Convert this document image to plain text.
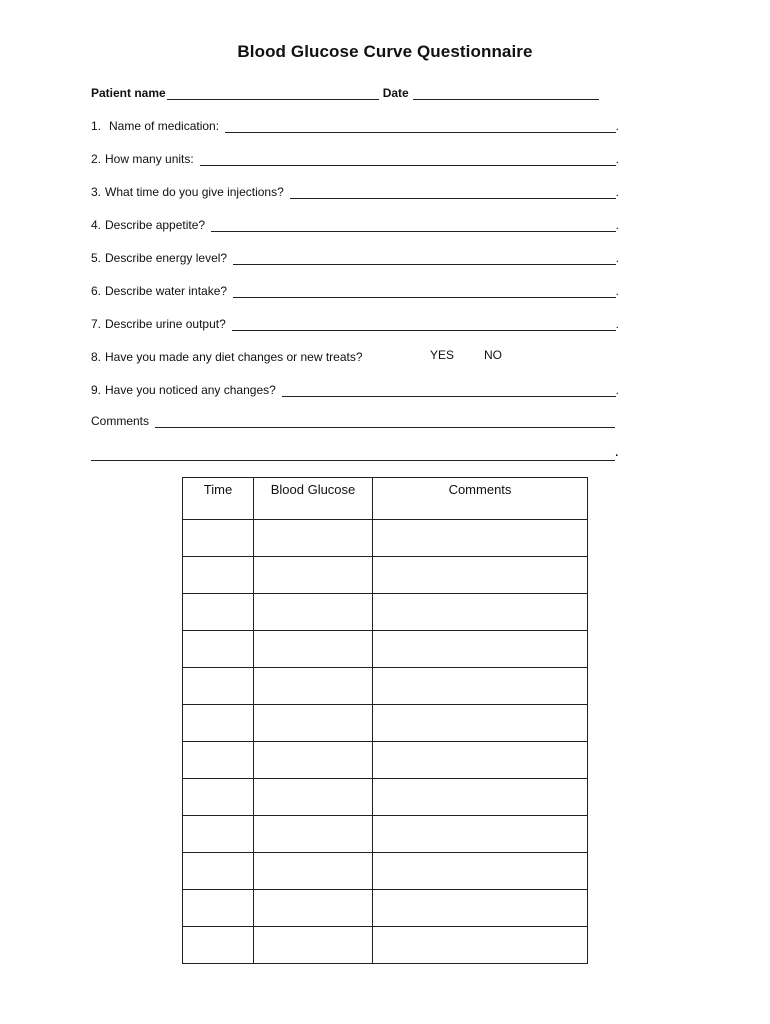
Blood Glucose Curve Questionnaire
Patient name	Date
1. Name of medication:	.
2. How many units:	.
3. What time do you give injections?	.
4. Describe appetite?	.
5. Describe energy level?	.
6. Describe water intake?	.
7. Describe urine output?	.
8. Have you made any diet changes or new treats?	YES NO
9. Have you noticed any changes?	.
Comments
.
Time	Blood Glucose	Comments
